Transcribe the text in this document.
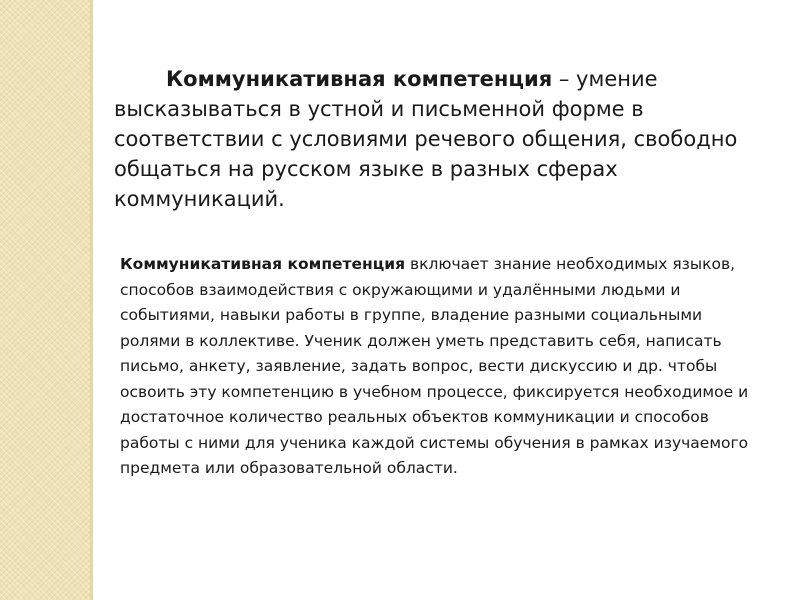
Коммуникативная компетенция – умение высказываться в устной и письменной форме в соответствии с условиями речевого общения, свободно общаться на русском языке в разных сферах коммуникаций.

Коммуникативная компетенция включает знание необходимых языков, способов взаимодействия с окружающими и удалёнными людьми и событиями, навыки работы в группе, владение разными социальными ролями в коллективе. Ученик должен уметь представить себя, написать письмо, анкету, заявление, задать вопрос, вести дискуссию и др. чтобы освоить эту компетенцию в учебном процессе, фиксируется необходимое и достаточное количество реальных объектов коммуникации и способов работы с ними для ученика каждой системы обучения в рамках изучаемого предмета или образовательной области.
